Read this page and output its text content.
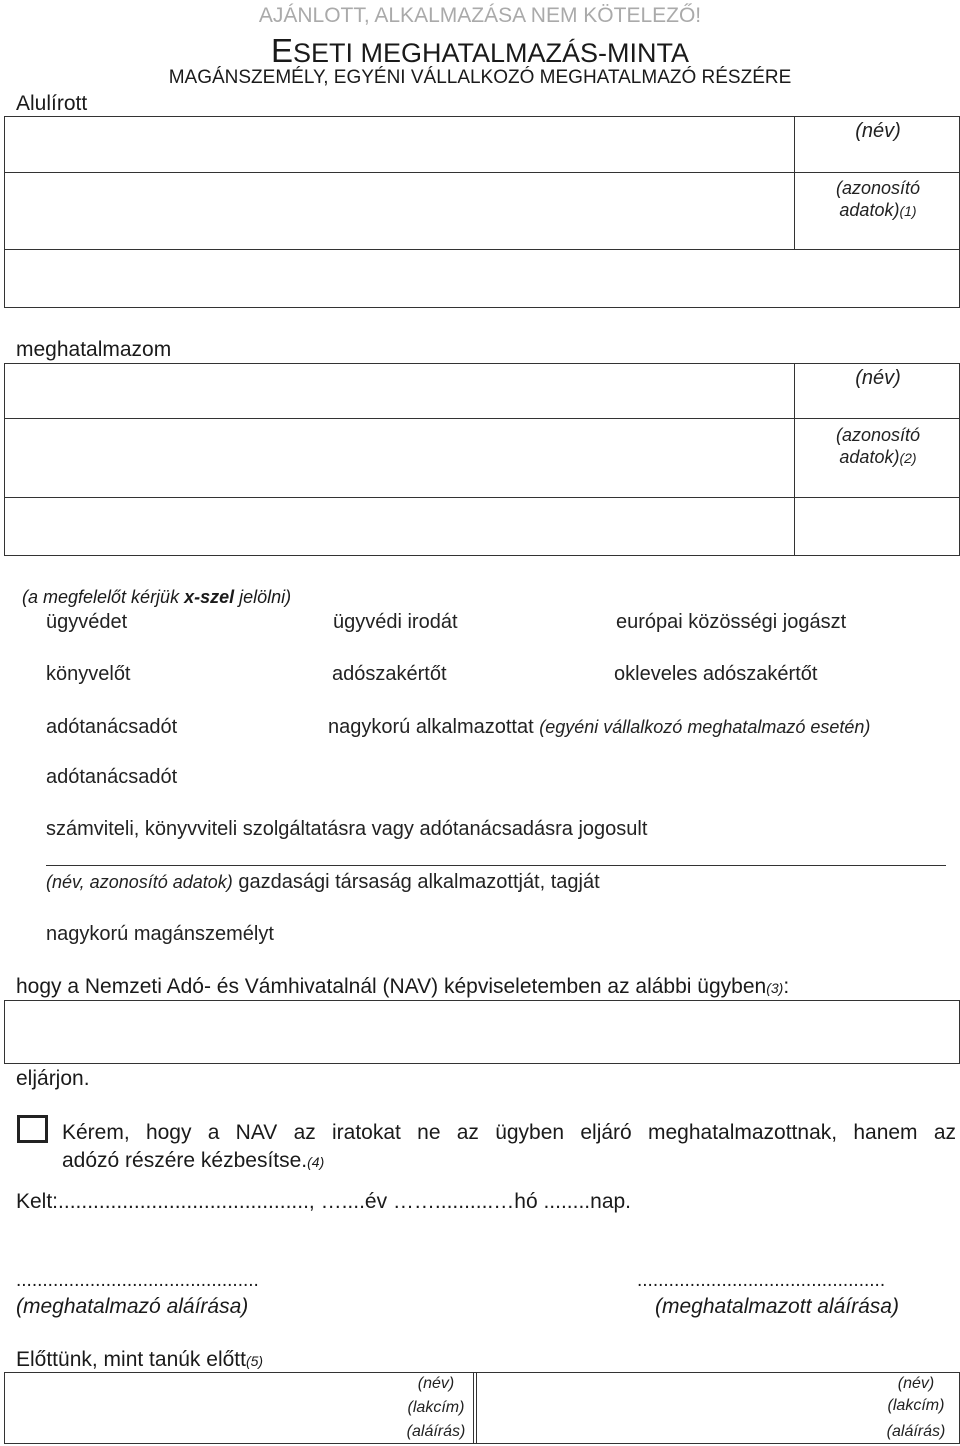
AJÁNLOTT, ALKALMAZÁSA NEM KÖTELEZŐ!
ESETI MEGHATALMAZÁS-MINTA
MAGÁNSZEMÉLY, EGYÉNI VÁLLALKOZÓ MEGHATALMAZÓ RÉSZÉRE
Alulírott
(név)
(azonosító
adatok)(1)
meghatalmazom
(név)
(azonosító
adatok)(2)
(a megfelelőt kérjük x-szel jelölni)
ügyvédet	ügyvédi irodát	európai közösségi jogászt
könyvelőt	adószakértőt	okleveles adószakértőt
adótanácsadót	nagykorú alkalmazottat (egyéni vállalkozó meghatalmazó esetén)
adótanácsadót
számviteli, könyvviteli szolgáltatásra vagy adótanácsadásra jogosult
(név, azonosító adatok) gazdasági társaság alkalmazottját, tagját
nagykorú magánszemélyt
hogy a Nemzeti Adó- és Vámhivatalnál (NAV) képviseletemben az alábbi ügyben(3):
eljárjon.
Kérem, hogy a NAV az iratokat ne az ügyben eljáró meghatalmazottnak, hanem az
adózó részére kézbesítse.(4)
Kelt:..........................................., …....év ……..........…hó ........nap.
..............................................
(meghatalmazó aláírása)
...............................................
(meghatalmazott aláírása)
Előttünk, mint tanúk előtt(5)
(név)
(lakcím)
(aláírás)
(név)
(lakcím)
(aláírás)
